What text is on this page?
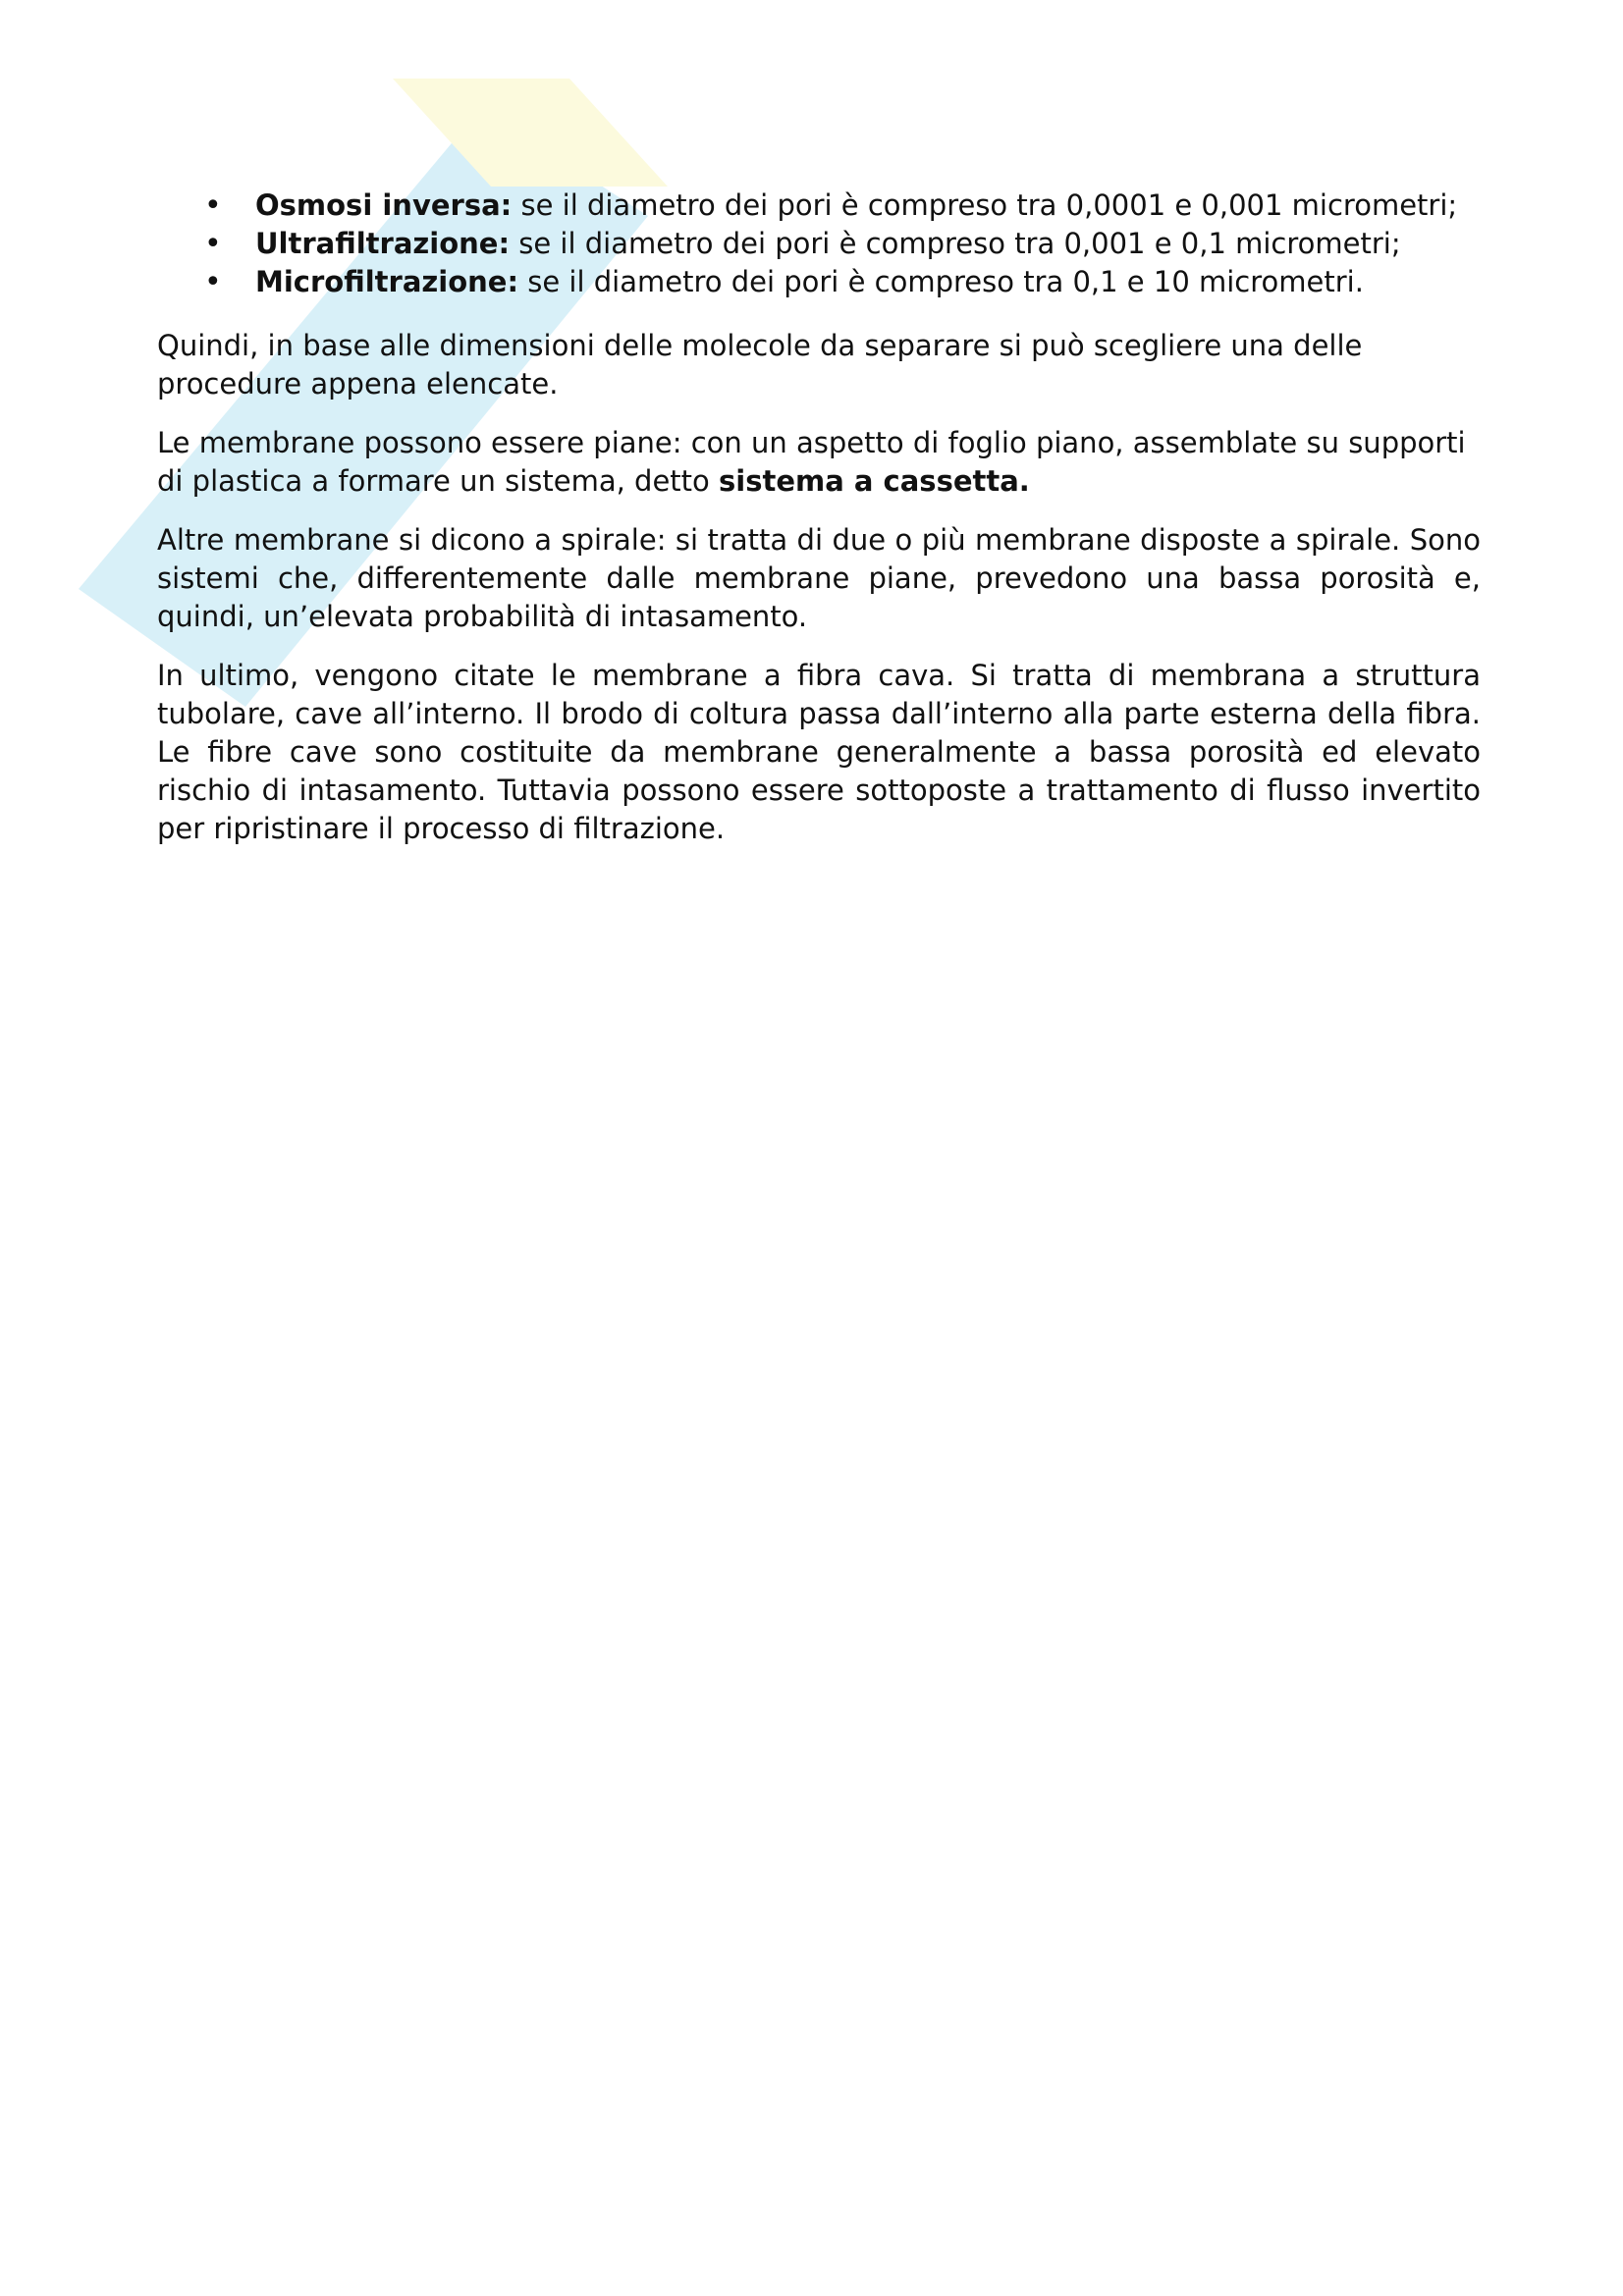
• Osmosi inversa: se il diametro dei pori è compreso tra 0,0001 e 0,001 micrometri;
• Ultrafiltrazione: se il diametro dei pori è compreso tra 0,001 e 0,1 micrometri;
• Microfiltrazione: se il diametro dei pori è compreso tra 0,1 e 10 micrometri.

Quindi, in base alle dimensioni delle molecole da separare si può scegliere una delle procedure appena elencate.

Le membrane possono essere piane: con un aspetto di foglio piano, assemblate su supporti di plastica a formare un sistema, detto sistema a cassetta.

Altre membrane si dicono a spirale: si tratta di due o più membrane disposte a spirale. Sono sistemi che, differentemente dalle membrane piane, prevedono una bassa porosità e, quindi, un’elevata probabilità di intasamento.

In ultimo, vengono citate le membrane a fibra cava. Si tratta di membrana a struttura tubolare, cave all’interno. Il brodo di coltura passa dall’interno alla parte esterna della fibra. Le fibre cave sono costituite da membrane generalmente a bassa porosità ed elevato rischio di intasamento. Tuttavia possono essere sottoposte a trattamento di flusso invertito per ripristinare il processo di filtrazione.
